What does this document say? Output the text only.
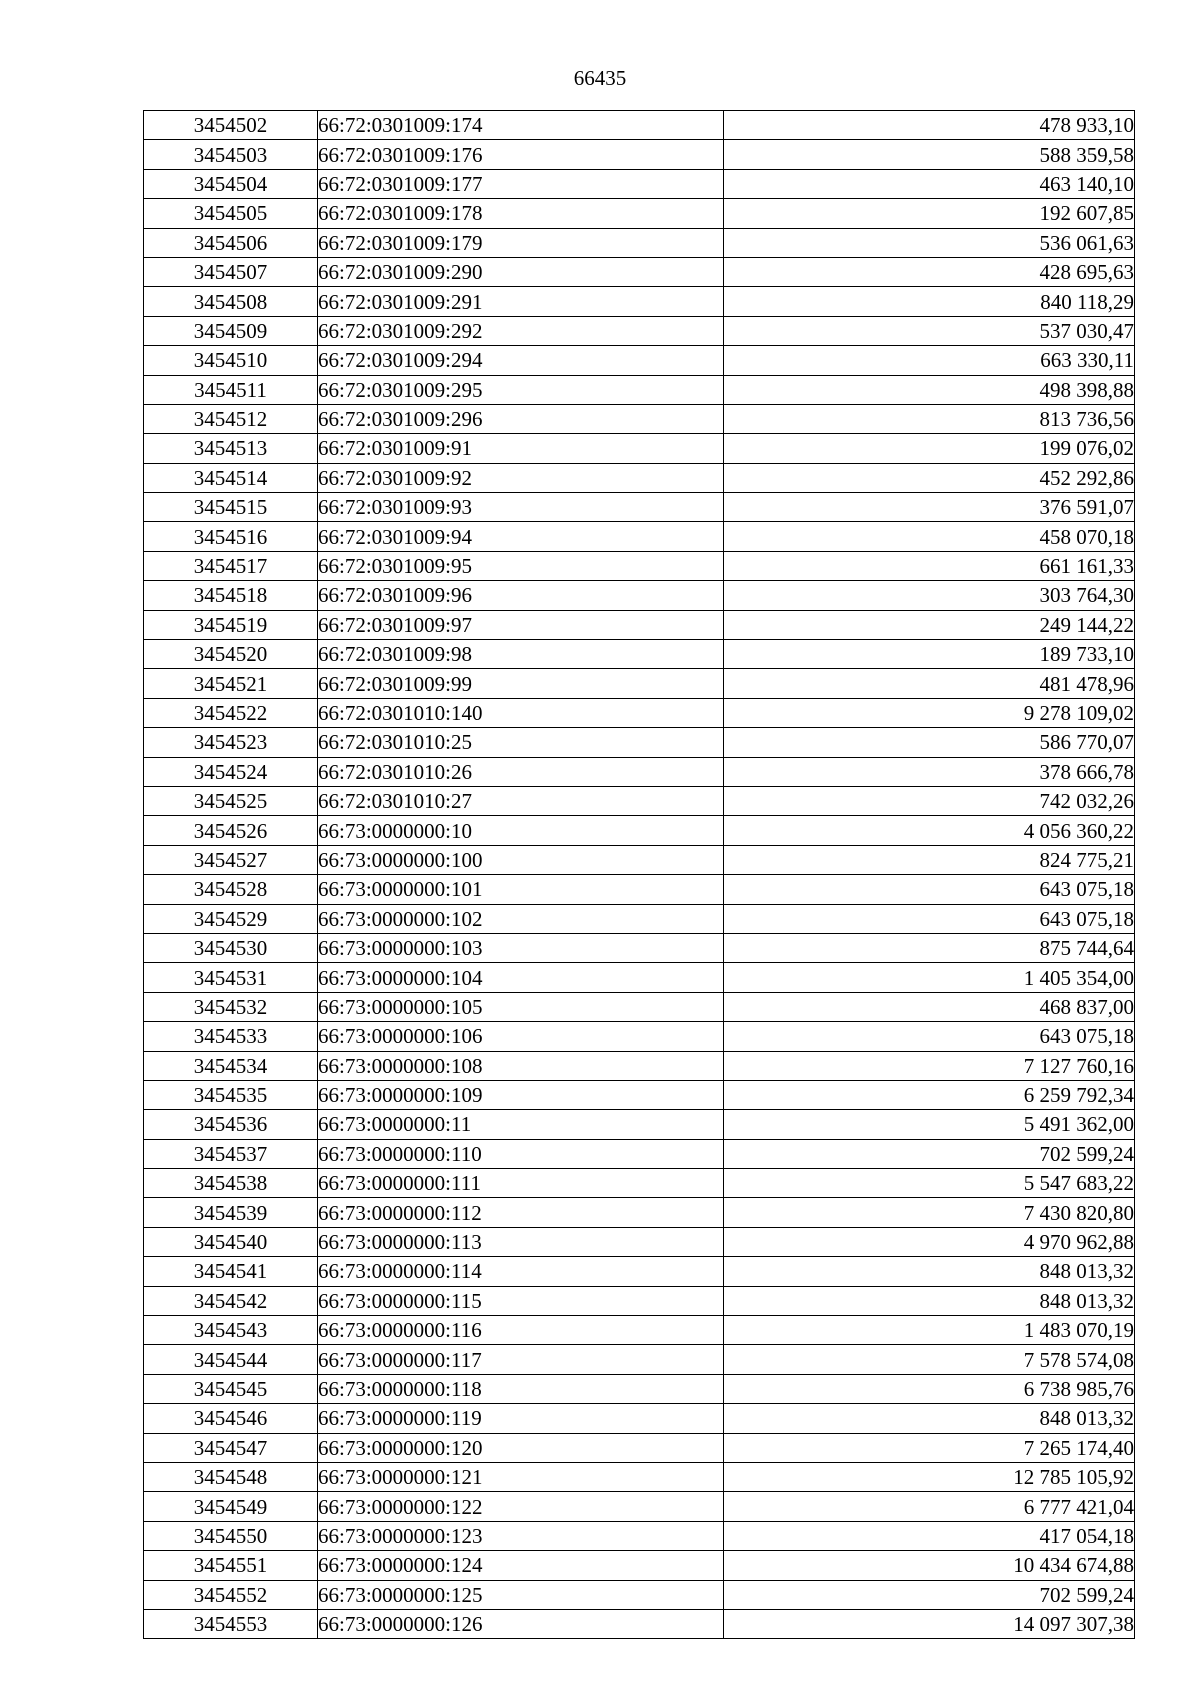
66435
3454502	66:72:0301009:174	478 933,10
3454503	66:72:0301009:176	588 359,58
3454504	66:72:0301009:177	463 140,10
3454505	66:72:0301009:178	192 607,85
3454506	66:72:0301009:179	536 061,63
3454507	66:72:0301009:290	428 695,63
3454508	66:72:0301009:291	840 118,29
3454509	66:72:0301009:292	537 030,47
3454510	66:72:0301009:294	663 330,11
3454511	66:72:0301009:295	498 398,88
3454512	66:72:0301009:296	813 736,56
3454513	66:72:0301009:91	199 076,02
3454514	66:72:0301009:92	452 292,86
3454515	66:72:0301009:93	376 591,07
3454516	66:72:0301009:94	458 070,18
3454517	66:72:0301009:95	661 161,33
3454518	66:72:0301009:96	303 764,30
3454519	66:72:0301009:97	249 144,22
3454520	66:72:0301009:98	189 733,10
3454521	66:72:0301009:99	481 478,96
3454522	66:72:0301010:140	9 278 109,02
3454523	66:72:0301010:25	586 770,07
3454524	66:72:0301010:26	378 666,78
3454525	66:72:0301010:27	742 032,26
3454526	66:73:0000000:10	4 056 360,22
3454527	66:73:0000000:100	824 775,21
3454528	66:73:0000000:101	643 075,18
3454529	66:73:0000000:102	643 075,18
3454530	66:73:0000000:103	875 744,64
3454531	66:73:0000000:104	1 405 354,00
3454532	66:73:0000000:105	468 837,00
3454533	66:73:0000000:106	643 075,18
3454534	66:73:0000000:108	7 127 760,16
3454535	66:73:0000000:109	6 259 792,34
3454536	66:73:0000000:11	5 491 362,00
3454537	66:73:0000000:110	702 599,24
3454538	66:73:0000000:111	5 547 683,22
3454539	66:73:0000000:112	7 430 820,80
3454540	66:73:0000000:113	4 970 962,88
3454541	66:73:0000000:114	848 013,32
3454542	66:73:0000000:115	848 013,32
3454543	66:73:0000000:116	1 483 070,19
3454544	66:73:0000000:117	7 578 574,08
3454545	66:73:0000000:118	6 738 985,76
3454546	66:73:0000000:119	848 013,32
3454547	66:73:0000000:120	7 265 174,40
3454548	66:73:0000000:121	12 785 105,92
3454549	66:73:0000000:122	6 777 421,04
3454550	66:73:0000000:123	417 054,18
3454551	66:73:0000000:124	10 434 674,88
3454552	66:73:0000000:125	702 599,24
3454553	66:73:0000000:126	14 097 307,38
